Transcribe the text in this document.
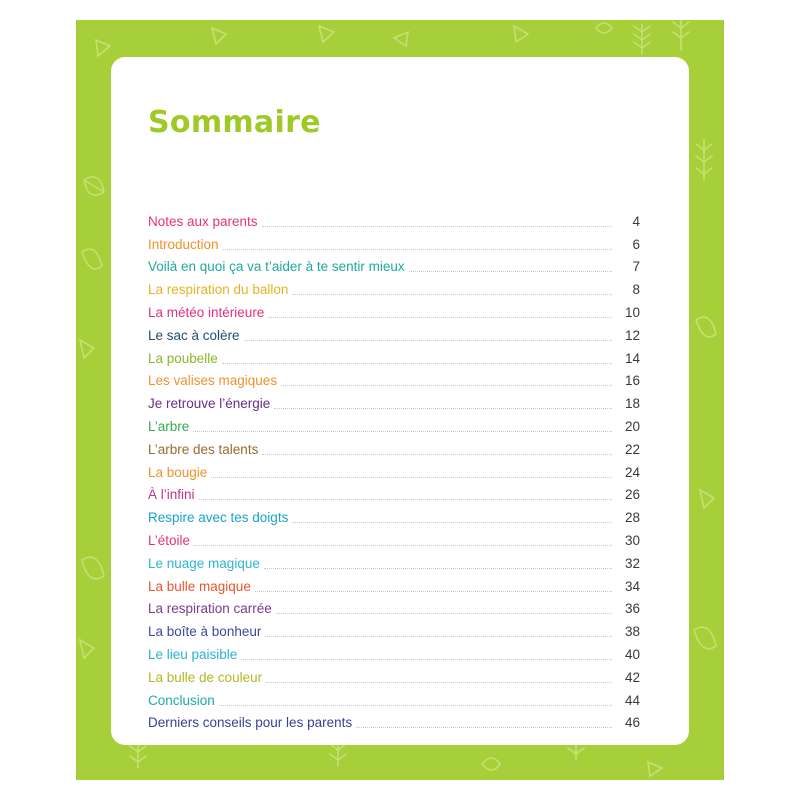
Sommaire
Notes aux parents	4
Introduction	6
Voilà en quoi ça va t’aider à te sentir mieux	7
La respiration du ballon	8
La météo intérieure	10
Le sac à colère	12
La poubelle	14
Les valises magiques	16
Je retrouve l’énergie	18
L’arbre	20
L’arbre des talents	22
La bougie	24
À l’infini	26
Respire avec tes doigts	28
L’étoile	30
Le nuage magique	32
La bulle magique	34
La respiration carrée	36
La boîte à bonheur	38
Le lieu paisible	40
La bulle de couleur	42
Conclusion	44
Derniers conseils pour les parents	46
